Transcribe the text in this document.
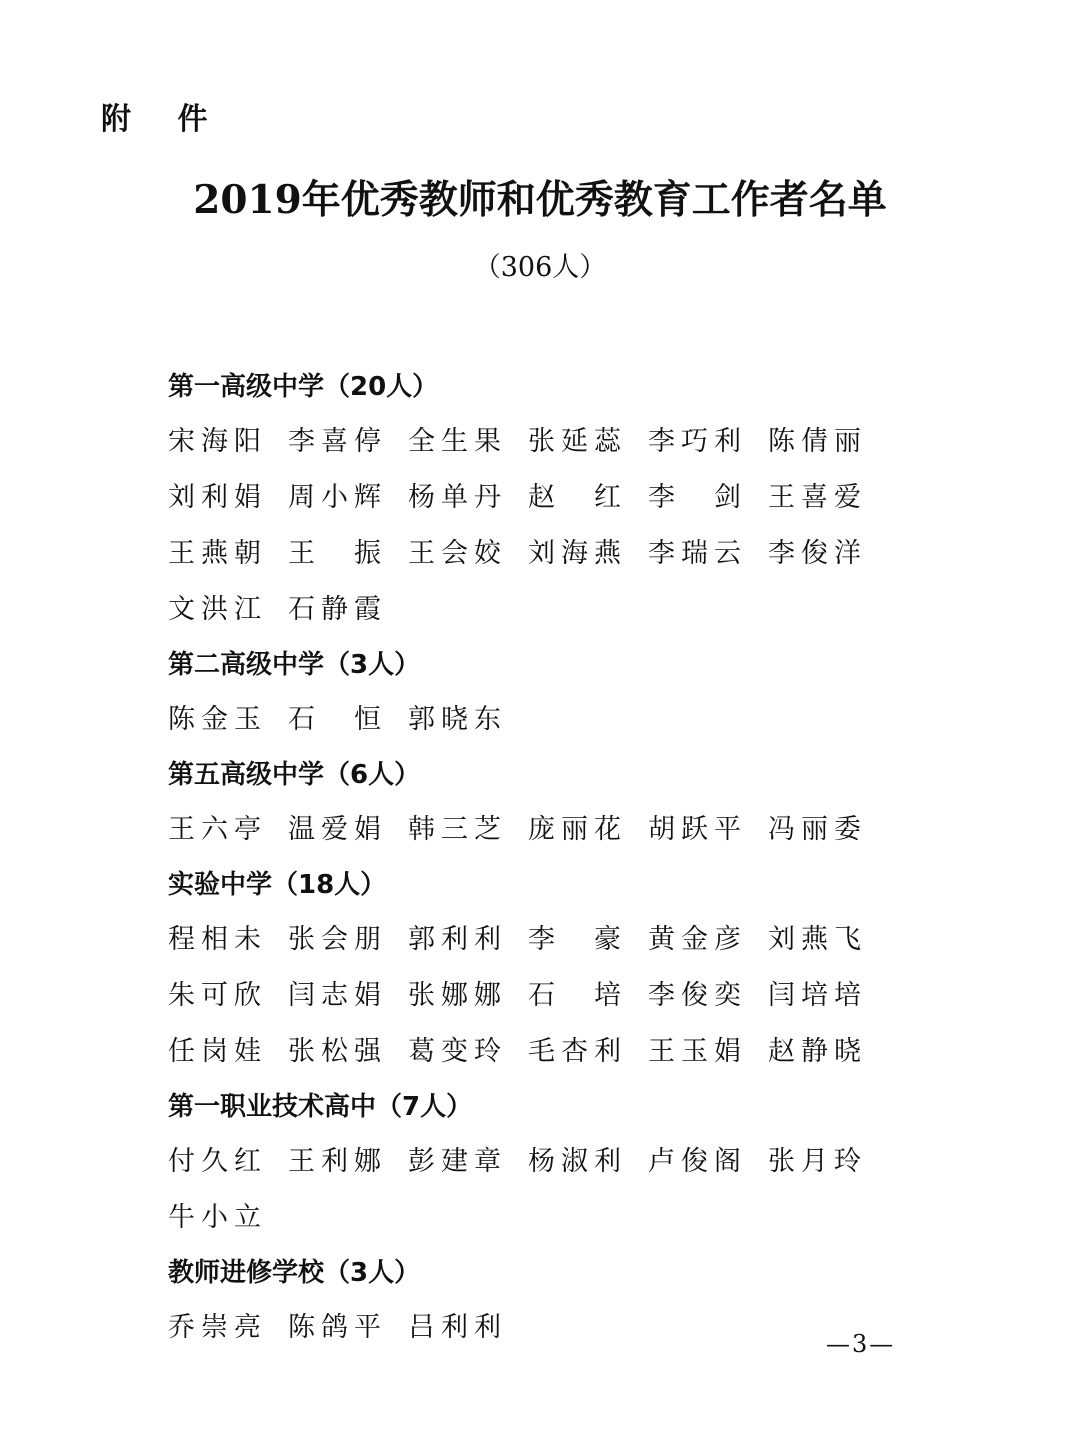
附 件

2019年优秀教师和优秀教育工作者名单

（306人）

第一高级中学（20人）
宋海阳 李喜停 全生果 张延蕊 李巧利 陈倩丽
刘利娟 周小辉 杨单丹 赵　红 李　剑 王喜爱
王燕朝 王　振 王会姣 刘海燕 李瑞云 李俊洋
文洪江 石静霞
第二高级中学（3人）
陈金玉 石　恒 郭晓东
第五高级中学（6人）
王六亭 温爱娟 韩三芝 庞丽花 胡跃平 冯丽委
实验中学（18人）
程相未 张会朋 郭利利 李　豪 黄金彦 刘燕飞
朱可欣 闫志娟 张娜娜 石　培 李俊奕 闫培培
任岗娃 张松强 葛变玲 毛杏利 王玉娟 赵静晓
第一职业技术高中（7人）
付久红 王利娜 彭建章 杨淑利 卢俊阁 张月玲
牛小立
教师进修学校（3人）
乔崇亮 陈鸽平 吕利利

—3—
